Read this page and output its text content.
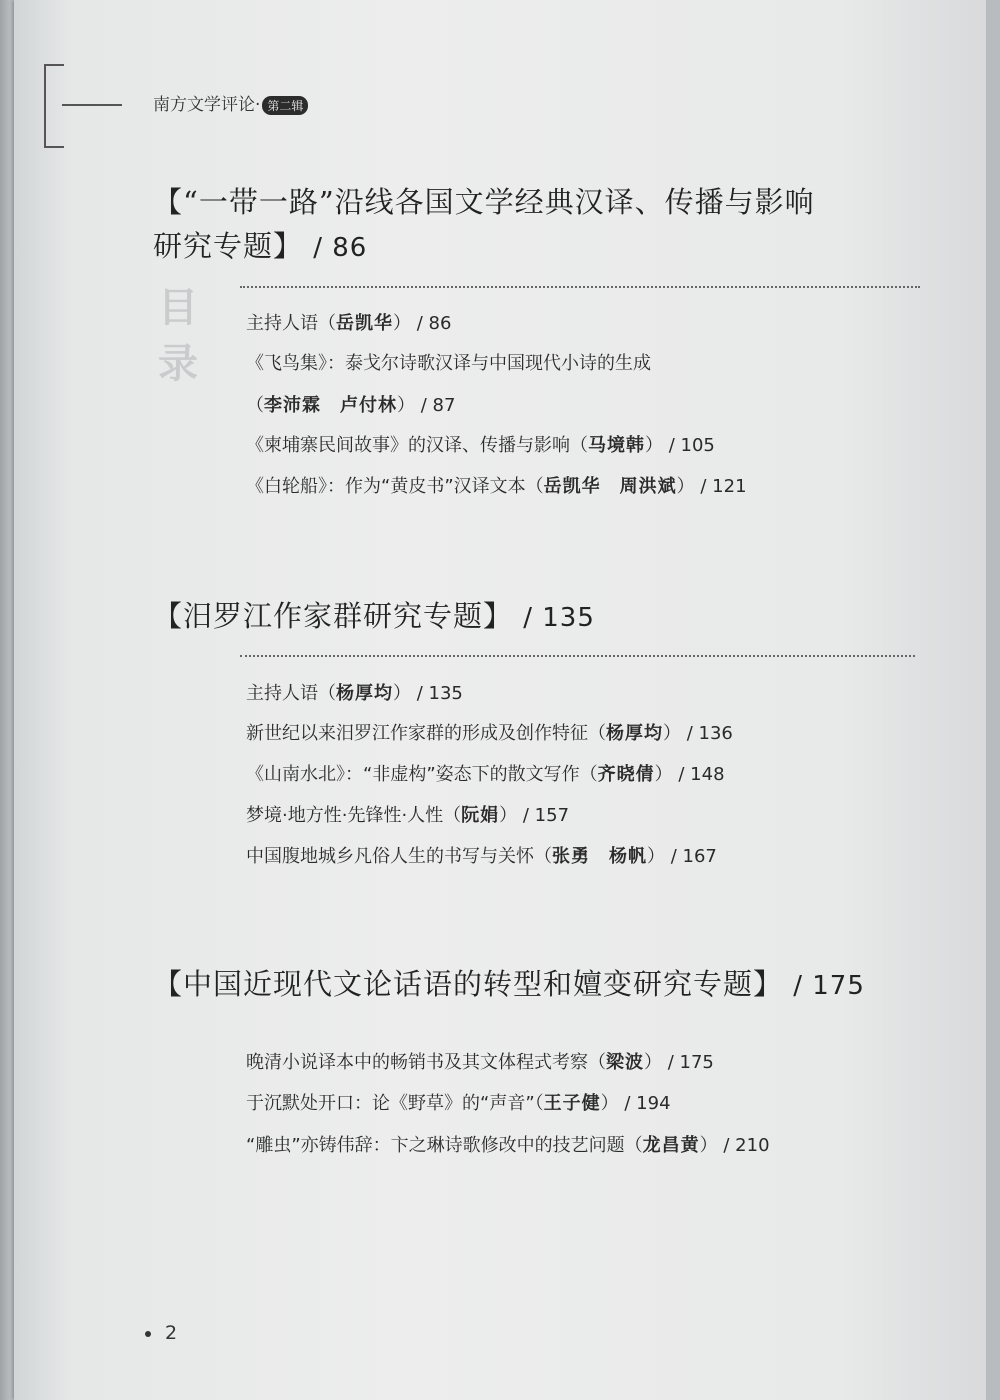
南方文学评论· 第二辑
目
录
【“一带一路”沿线各国文学经典汉译、传播与影响
研究专题】 / 86
主持人语（岳凯华） / 86
《飞鸟集》：泰戈尔诗歌汉译与中国现代小诗的生成
（李沛霖　卢付林） / 87
《柬埔寨民间故事》的汉译、传播与影响（马境韩） / 105
《白轮船》：作为“黄皮书”汉译文本（岳凯华　周洪斌） / 121
【汨罗江作家群研究专题】 / 135
主持人语（杨厚均） / 135
新世纪以来汨罗江作家群的形成及创作特征（杨厚均） / 136
《山南水北》：“非虚构”姿态下的散文写作（齐晓倩） / 148
梦境·地方性·先锋性·人性（阮娟） / 157
中国腹地城乡凡俗人生的书写与关怀（张勇　杨帆） / 167
【中国近现代文论话语的转型和嬗变研究专题】 / 175
晚清小说译本中的畅销书及其文体程式考察（梁波） / 175
于沉默处开口：论《野草》的“声音”（王子健） / 194
“雕虫”亦铸伟辞：卞之琳诗歌修改中的技艺问题（龙昌黄） / 210
2
